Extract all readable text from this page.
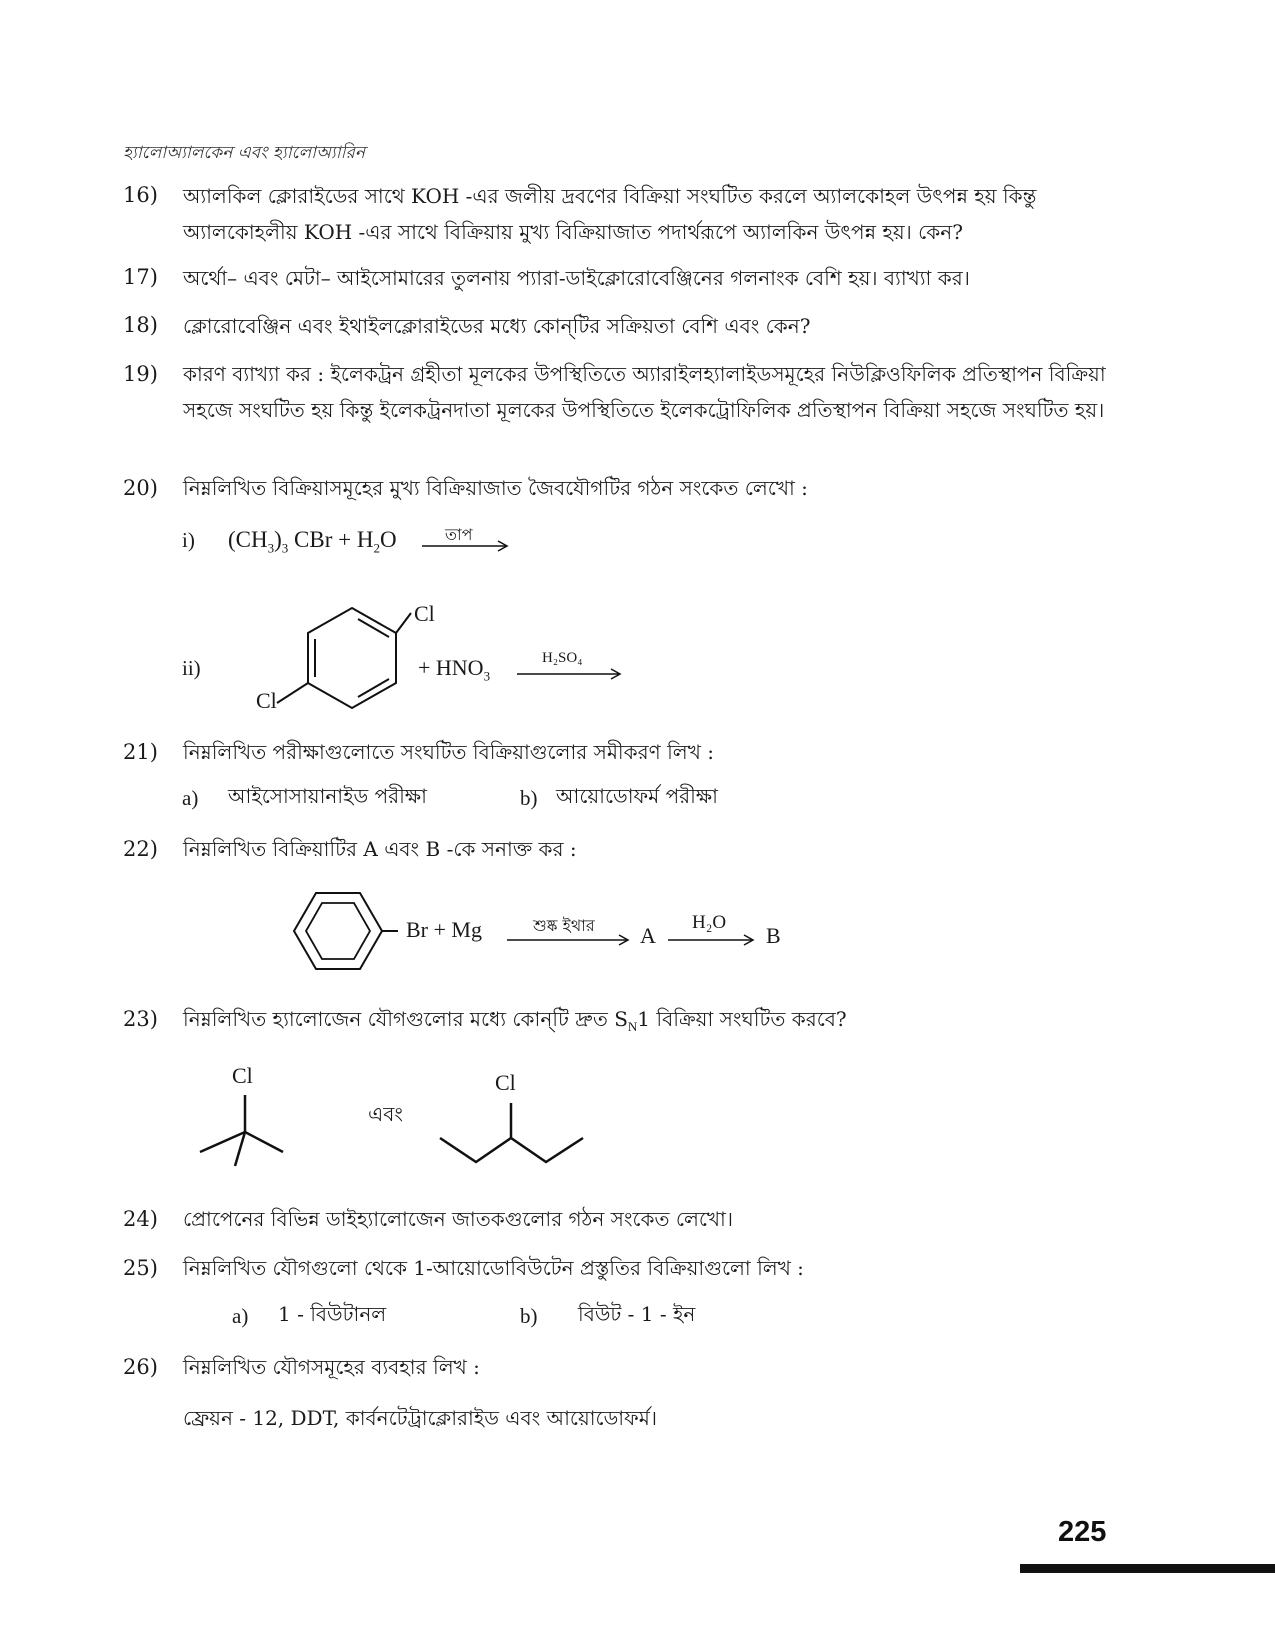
হ্যালোঅ্যালকেন এবং হ্যালোঅ্যারিন
16) অ্যালকিল ক্লোরাইডের সাথে KOH -এর জলীয় দ্রবণের বিক্রিয়া সংঘটিত করলে অ্যালকোহল উৎপন্ন হয় কিন্তু অ্যালকোহলীয় KOH -এর সাথে বিক্রিয়ায় মুখ্য বিক্রিয়াজাত পদার্থরূপে অ্যালকিন উৎপন্ন হয়। কেন?
17) অর্থো– এবং মেটা– আইসোমারের তুলনায় প্যারা-ডাইক্লোরোবেঞ্জিনের গলনাংক বেশি হয়। ব্যাখ্যা কর।
18) ক্লোরোবেঞ্জিন এবং ইথাইলক্লোরাইডের মধ্যে কোন্‌টির সক্রিয়তা বেশি এবং কেন?
19) কারণ ব্যাখ্যা কর : ইলেকট্রন গ্রহীতা মূলকের উপস্থিতিতে অ্যারাইলহ্যালাইডসমূহের নিউক্লিওফিলিক প্রতিস্থাপন বিক্রিয়া সহজে সংঘটিত হয় কিন্তু ইলেকট্রনদাতা মূলকের উপস্থিতিতে ইলেকট্রোফিলিক প্রতিস্থাপন বিক্রিয়া সহজে সংঘটিত হয়।
20) নিম্নলিখিত বিক্রিয়াসমূহের মুখ্য বিক্রিয়াজাত জৈবযৌগটির গঠন সংকেত লেখো :
i) $(CH_3)_3$ CBr + $H_2O$	তাপ
ii)
Cl
Cl
+ $HNO_3$
H₂SO₄
21) নিম্নলিখিত পরীক্ষাগুলোতে সংঘটিত বিক্রিয়াগুলোর সমীকরণ লিখ :
a) আইসোসায়ানাইড পরীক্ষা	b) আয়োডোফর্ম পরীক্ষা
22) নিম্নলিখিত বিক্রিয়াটির A এবং B -কে সনাক্ত কর :
Br + Mg	শুষ্ক ইথার A
H₂O
B
23) নিম্নলিখিত হ্যালোজেন যৌগগুলোর মধ্যে কোন্‌টি দ্রুত $S_N1$ বিক্রিয়া সংঘটিত করবে?
Cl
এবং
Cl
24) প্রোপেনের বিভিন্ন ডাইহ্যালোজেন জাতকগুলোর গঠন সংকেত লেখো।
25) নিম্নলিখিত যৌগগুলো থেকে 1-আয়োডোবিউটেন প্রস্তুতির বিক্রিয়াগুলো লিখ :
a) 1 - বিউটানল	b) বিউট - 1 - ইন
26) নিম্নলিখিত যৌগসমূহের ব্যবহার লিখ :
ফ্রেয়ন - 12, DDT, কার্বনটেট্রাক্লোরাইড এবং আয়োডোফর্ম।
225
